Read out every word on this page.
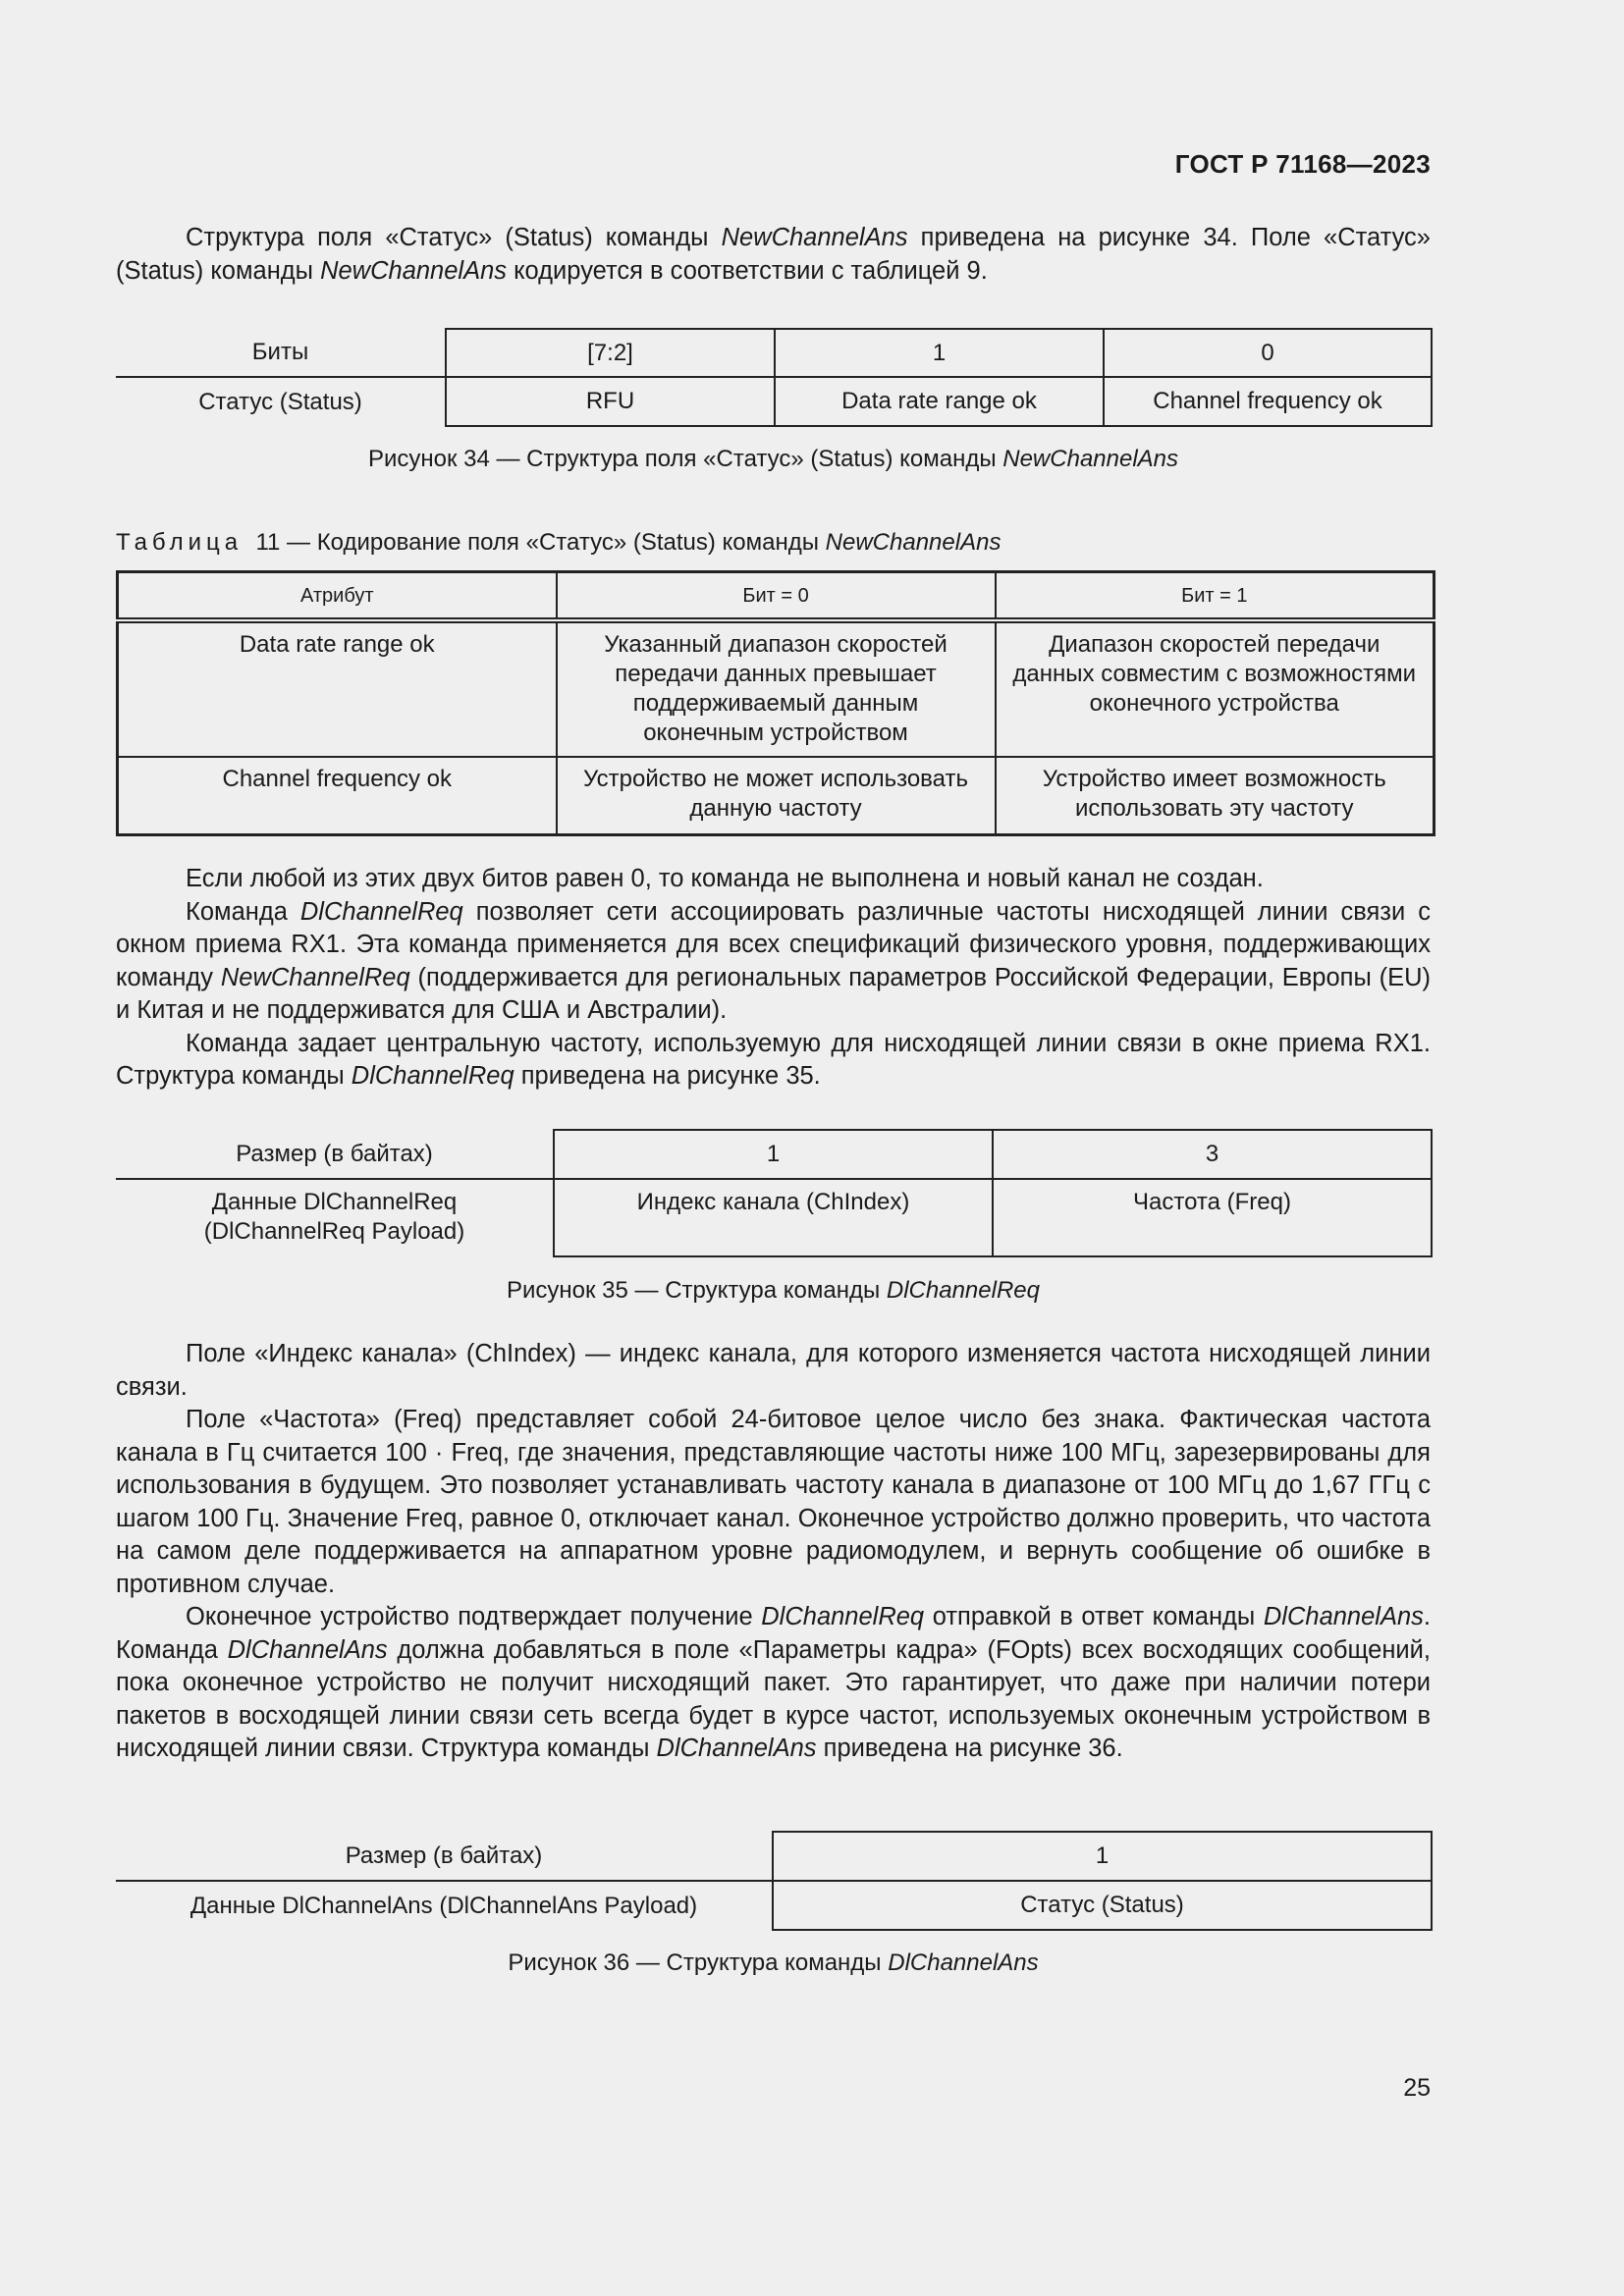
ГОСТ Р 71168—2023

Структура поля «Статус» (Status) команды NewChannelAns приведена на рисунке 34. Поле «Статус» (Status) команды NewChannelAns кодируется в соответствии с таблицей 9.

Биты	[7:2]	1	0
Статус (Status)	RFU	Data rate range ok	Channel frequency ok
Рисунок 34 — Структура поля «Статус» (Status) команды NewChannelAns
Таблица 11 — Кодирование поля «Статус» (Status) команды NewChannelAns
Атрибут	Бит = 0	Бит = 1
Data rate range ok	Указанный диапазон скоростей передачи данных превышает поддерживаемый данным оконечным устройством	Диапазон скоростей передачи данных совместим с возможностями оконечного устройства
Channel frequency ok	Устройство не может использовать данную частоту	Устройство имеет возможность использовать эту частоту

Если любой из этих двух битов равен 0, то команда не выполнена и новый канал не создан.

Команда DlChannelReq позволяет сети ассоциировать различные частоты нисходящей линии связи с окном приема RX1. Эта команда применяется для всех спецификаций физического уровня, поддерживающих команду NewChannelReq (поддерживается для региональных параметров Российской Федерации, Европы (EU) и Китая и не поддерживатся для США и Австралии).

Команда задает центральную частоту, используемую для нисходящей линии связи в окне приема RX1. Структура команды DlChannelReq приведена на рисунке 35.

Размер (в байтах)	1	3
Данные DlChannelReq
(DlChannelReq Payload)	Индекс канала (ChIndex)	Частота (Freq)
Рисунок 35 — Структура команды DlChannelReq

Поле «Индекс канала» (ChIndex) — индекс канала, для которого изменяется частота нисходящей линии связи.

Поле «Частота» (Freq) представляет собой 24-битовое целое число без знака. Фактическая частота канала в Гц считается 100 · Freq, где значения, представляющие частоты ниже 100 МГц, зарезервированы для использования в будущем. Это позволяет устанавливать частоту канала в диапазоне от 100 МГц до 1,67 ГГц с шагом 100 Гц. Значение Freq, равное 0, отключает канал. Оконечное устройство должно проверить, что частота на самом деле поддерживается на аппаратном уровне радиомодулем, и вернуть сообщение об ошибке в противном случае.

Оконечное устройство подтверждает получение DlChannelReq отправкой в ответ команды DlChannelAns. Команда DlChannelAns должна добавляться в поле «Параметры кадра» (FOpts) всех восходящих сообщений, пока оконечное устройство не получит нисходящий пакет. Это гарантирует, что даже при наличии потери пакетов в восходящей линии связи сеть всегда будет в курсе частот, используемых оконечным устройством в нисходящей линии связи. Структура команды DlChannelAns приведена на рисунке 36.

Размер (в байтах)	1
Данные DlChannelAns (DlChannelAns Payload)	Статус (Status)
Рисунок 36 — Структура команды DlChannelAns
25
